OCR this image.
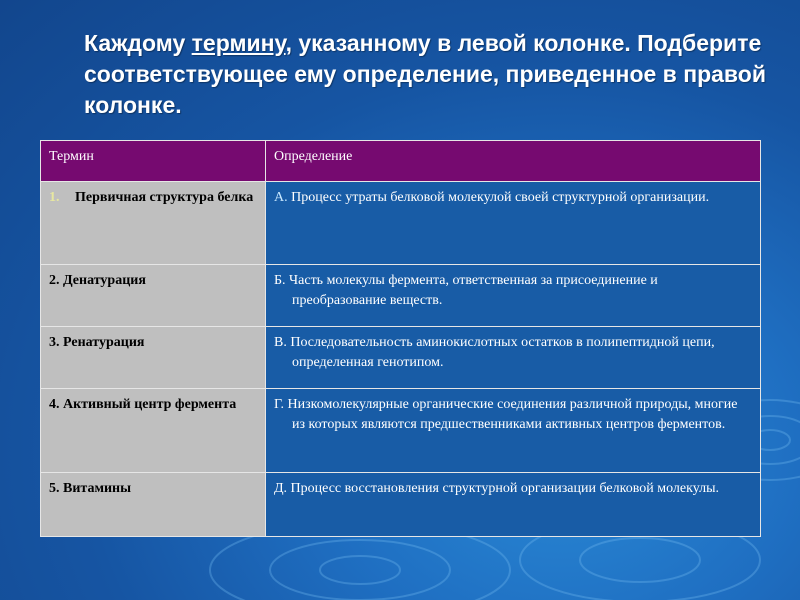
Каждому термину, указанному в левой колонке. Подберите соответствующее ему определение, приведенное в правой колонке.
Термин	Определение

1. Первичная структура белка	А. Процесс утраты белковой молекулой своей структурной организации.

2. Денатурация	Б. Часть молекулы фермента, ответственная за присоединение и преобразование веществ.

3. Ренатурация	В. Последовательность аминокислотных остатков в полипептидной цепи, определенная генотипом.

4. Активный центр фермента	Г. Низкомолекулярные органические соединения различной природы, многие из которых являются предшественниками активных центров ферментов.

5. Витамины	Д. Процесс восстановления структурной организации белковой молекулы.
